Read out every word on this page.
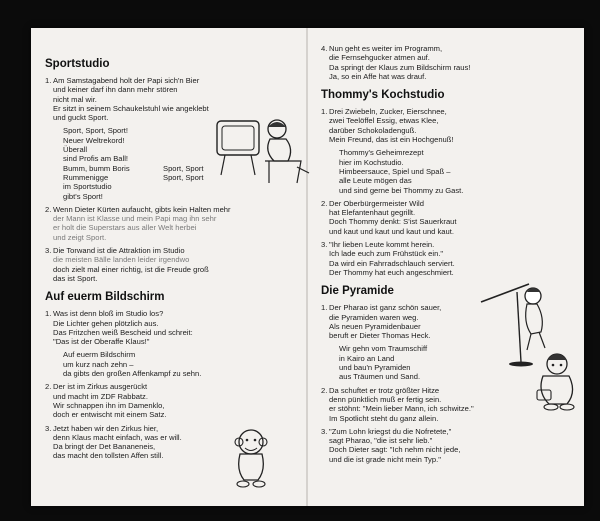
Sportstudio
1. Am Samstagabend holt der Papi sich'n Bier
und keiner darf ihn dann mehr stören
nicht mal wir.
Er sitzt in seinem Schaukelstuhl wie angeklebt
und guckt Sport.
Sport, Sport, Sport!
Neuer Weltrekord!
Überall
sind Profis am Ball!
Bumm, bumm Boris	Sport, Sport
Rummenigge	Sport, Sport
im Sportstudio
gibt's Sport!
2. Wenn Dieter Kürten aufaucht, gibts kein Halten mehr
der Mann ist Klasse und mein Papi mag ihn sehr
er holt die Superstars aus aller Welt herbei
und zeigt Sport.
3. Die Torwand ist die Attraktion im Studio
die meisten Bälle landen leider irgendwo
doch zielt mal einer richtig, ist die Freude groß
das ist Sport.
Auf euerm Bildschirm
1. Was ist denn bloß im Studio los?
Die Lichter gehen plötzlich aus.
Das Fritzchen weiß Bescheid und schreit:
"Das ist der Oberaffe Klaus!"
Auf euerm Bildschirm
um kurz nach zehn –
da gibts den großen Affenkampf zu sehn.
2. Der ist im Zirkus ausgerückt
und macht im ZDF Rabbatz.
Wir schnappen ihn im Damenklo,
doch er entwischt mit einem Satz.
3. Jetzt haben wir den Zirkus hier,
denn Klaus macht einfach, was er will.
Da bringt der Det Bananeneis,
das macht den tollsten Affen still.
4. Nun geht es weiter im Programm,
die Fernsehgucker atmen auf.
Da springt der Klaus zum Bildschirm raus!
Ja, so ein Affe hat was drauf.
Thommy's Kochstudio
1. Drei Zwiebeln, Zucker, Eierschnee,
zwei Teelöffel Essig, etwas Klee,
darüber Schokoladenguß.
Mein Freund, das ist ein Hochgenuß!
Thommy's Geheimrezept
hier im Kochstudio.
Himbeersauce, Spiel und Spaß –
alle Leute mögen das
und sind gerne bei Thommy zu Gast.
2. Der Oberbürgermeister Wild
hat Elefantenhaut gegrillt.
Doch Thommy denkt: S'ist Sauerkraut
und kaut und kaut und kaut und kaut.
3. "Ihr lieben Leute kommt herein.
Ich lade euch zum Frühstück ein."
Da wird ein Fahrradschlauch serviert.
Der Thommy hat euch angeschmiert.
Die Pyramide
1. Der Pharao ist ganz schön sauer,
die Pyramiden waren weg.
Als neuen Pyramidenbauer
beruft er Dieter Thomas Heck.
Wir gehn vom Traumschiff
in Kairo an Land
und bau'n Pyramiden
aus Träumen und Sand.
2. Da schuftet er trotz größter Hitze
denn pünktlich muß er fertig sein.
er stöhnt: "Mein lieber Mann, ich schwitze."
Im Spotlicht steht du ganz allein.
3. "Zum Lohn kriegst du die Nofretete,"
sagt Pharao, "die ist sehr lieb."
Doch Dieter sagt: "Ich nehm nicht jede,
und die ist grade nicht mein Typ."
